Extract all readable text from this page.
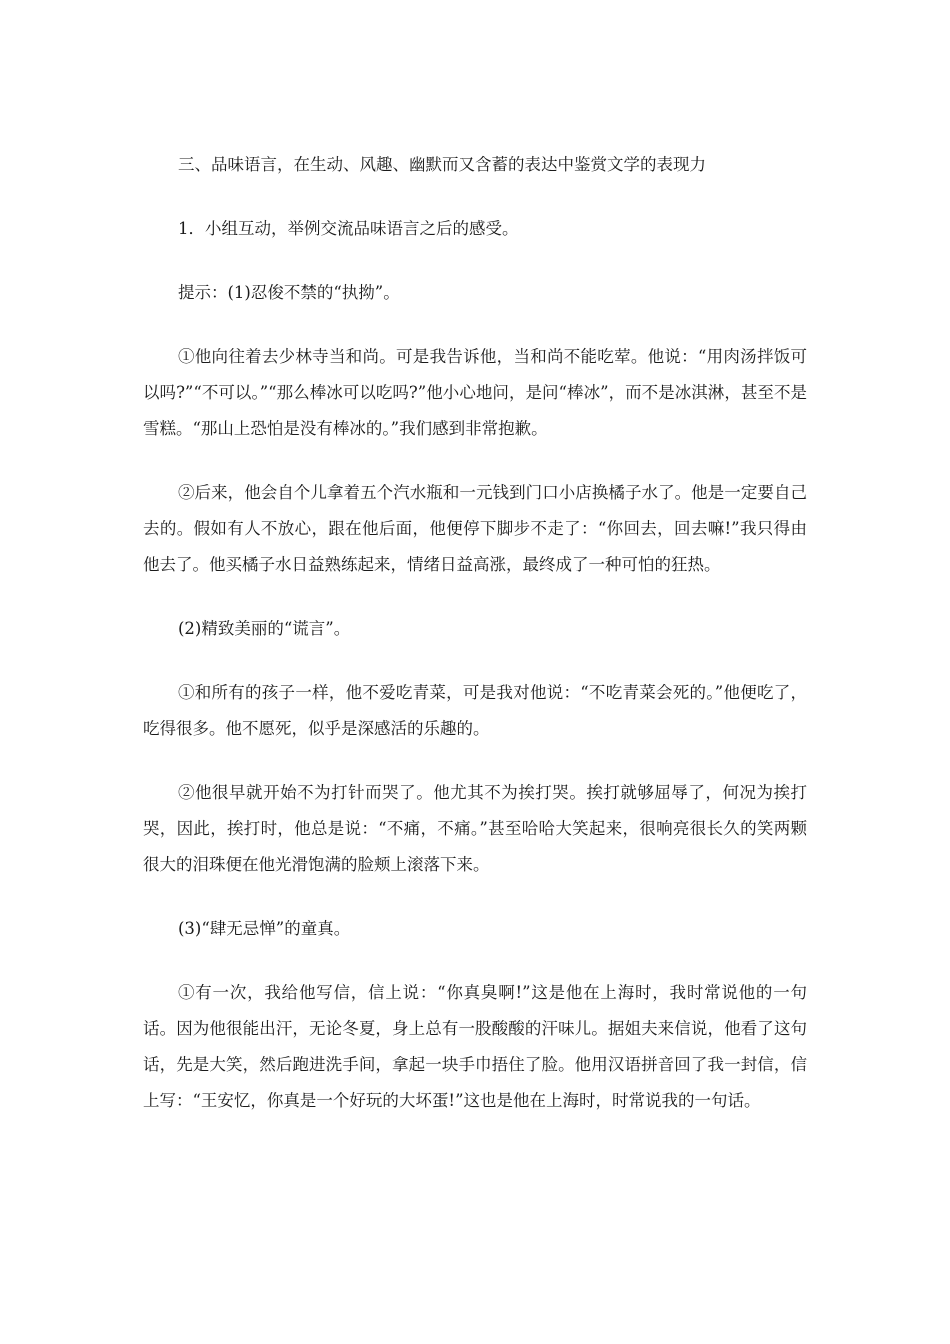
三、品味语言，在生动、风趣、幽默而又含蓄的表达中鉴赏文学的表现力

1．小组互动，举例交流品味语言之后的感受。

提示：(1)忍俊不禁的“执拗”。

①他向往着去少林寺当和尚。可是我告诉他，当和尚不能吃荤。他说：“用肉汤拌饭可以吗?”“不可以。”“那么棒冰可以吃吗?”他小心地问，是问“棒冰”，而不是冰淇淋，甚至不是雪糕。“那山上恐怕是没有棒冰的。”我们感到非常抱歉。

②后来，他会自个儿拿着五个汽水瓶和一元钱到门口小店换橘子水了。他是一定要自己去的。假如有人不放心，跟在他后面，他便停下脚步不走了：“你回去，回去嘛!”我只得由他去了。他买橘子水日益熟练起来，情绪日益高涨，最终成了一种可怕的狂热。

(2)精致美丽的“谎言”。

①和所有的孩子一样，他不爱吃青菜，可是我对他说：“不吃青菜会死的。”他便吃了，吃得很多。他不愿死，似乎是深感活的乐趣的。

②他很早就开始不为打针而哭了。他尤其不为挨打哭。挨打就够屈辱了，何况为挨打哭，因此，挨打时，他总是说：“不痛，不痛。”甚至哈哈大笑起来，很响亮很长久的笑两颗很大的泪珠便在他光滑饱满的脸颊上滚落下来。

(3)“肆无忌惮”的童真。

①有一次，我给他写信，信上说：“你真臭啊!”这是他在上海时，我时常说他的一句话。因为他很能出汗，无论冬夏，身上总有一股酸酸的汗味儿。据姐夫来信说，他看了这句话，先是大笑，然后跑进洗手间，拿起一块手巾捂住了脸。他用汉语拼音回了我一封信，信上写：“王安忆，你真是一个好玩的大坏蛋!”这也是他在上海时，时常说我的一句话。
